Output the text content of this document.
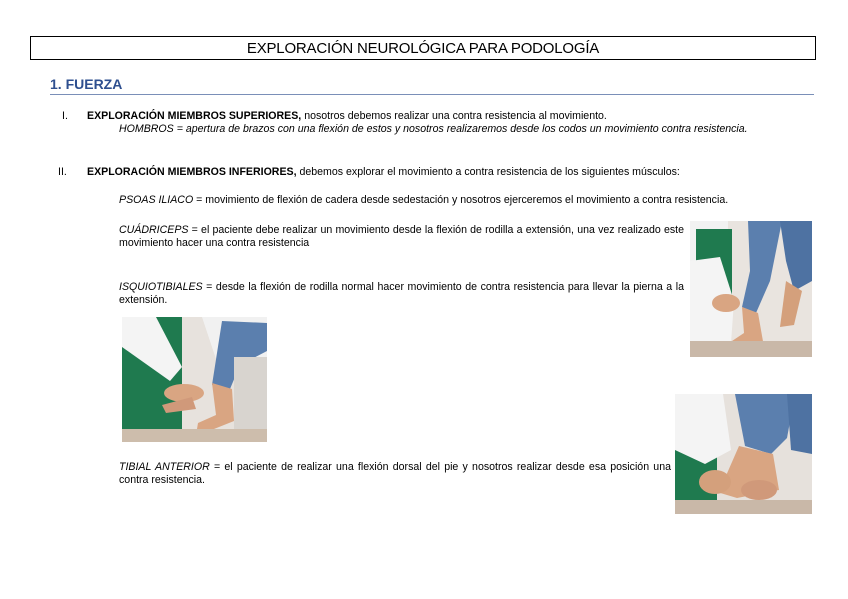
EXPLORACIÓN NEUROLÓGICA PARA PODOLOGÍA
1. FUERZA
I. EXPLORACIÓN MIEMBROS SUPERIORES, nosotros debemos realizar una contra resistencia al movimiento.
HOMBROS = apertura de brazos con una flexión de estos y nosotros realizaremos desde los codos un movimiento contra resistencia.
II. EXPLORACIÓN MIEMBROS INFERIORES, debemos explorar el movimiento a contra resistencia de los siguientes músculos:
PSOAS ILIACO = movimiento de flexión de cadera desde sedestación y nosotros ejerceremos el movimiento a contra resistencia.
CUÁDRICEPS = el paciente debe realizar un movimiento desde la flexión de rodilla a extensión, una vez realizado este movimiento hacer una contra resistencia
ISQUIOTIBIALES = desde la flexión de rodilla normal hacer movimiento de contra resistencia para llevar la pierna a la extensión.
TIBIAL ANTERIOR = el paciente de realizar una flexión dorsal del pie y nosotros realizar desde esa posición una contra resistencia.
